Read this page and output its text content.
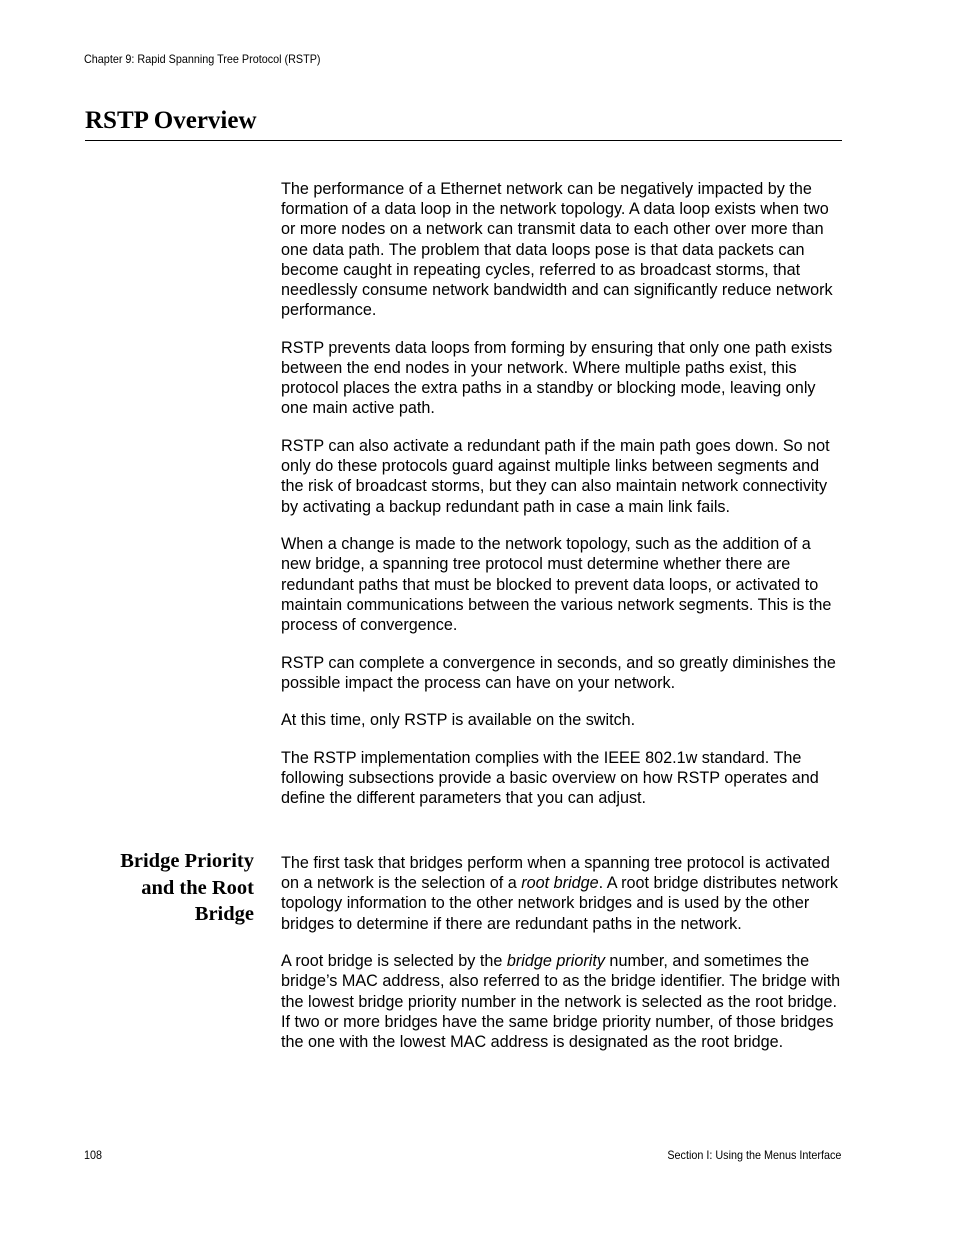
Chapter 9: Rapid Spanning Tree Protocol (RSTP)
RSTP Overview

The performance of a Ethernet network can be negatively impacted by the formation of a data loop in the network topology. A data loop exists when two or more nodes on a network can transmit data to each other over more than one data path. The problem that data loops pose is that data packets can become caught in repeating cycles, referred to as broadcast storms, that needlessly consume network bandwidth and can significantly reduce network performance.

RSTP prevents data loops from forming by ensuring that only one path exists between the end nodes in your network. Where multiple paths exist, this protocol places the extra paths in a standby or blocking mode, leaving only one main active path.

RSTP can also activate a redundant path if the main path goes down. So not only do these protocols guard against multiple links between segments and the risk of broadcast storms, but they can also maintain network connectivity by activating a backup redundant path in case a main link fails.

When a change is made to the network topology, such as the addition of a new bridge, a spanning tree protocol must determine whether there are redundant paths that must be blocked to prevent data loops, or activated to maintain communications between the various network segments. This is the process of convergence.

RSTP can complete a convergence in seconds, and so greatly diminishes the possible impact the process can have on your network.

At this time, only RSTP is available on the switch.

The RSTP implementation complies with the IEEE 802.1w standard. The following subsections provide a basic overview on how RSTP operates and define the different parameters that you can adjust.

Bridge Priority
and the Root
Bridge

The first task that bridges perform when a spanning tree protocol is activated on a network is the selection of a root bridge. A root bridge distributes network topology information to the other network bridges and is used by the other bridges to determine if there are redundant paths in the network.

A root bridge is selected by the bridge priority number, and sometimes the bridge’s MAC address, also referred to as the bridge identifier. The bridge with the lowest bridge priority number in the network is selected as the root bridge. If two or more bridges have the same bridge priority number, of those bridges the one with the lowest MAC address is designated as the root bridge.

108	Section I: Using the Menus Interface
